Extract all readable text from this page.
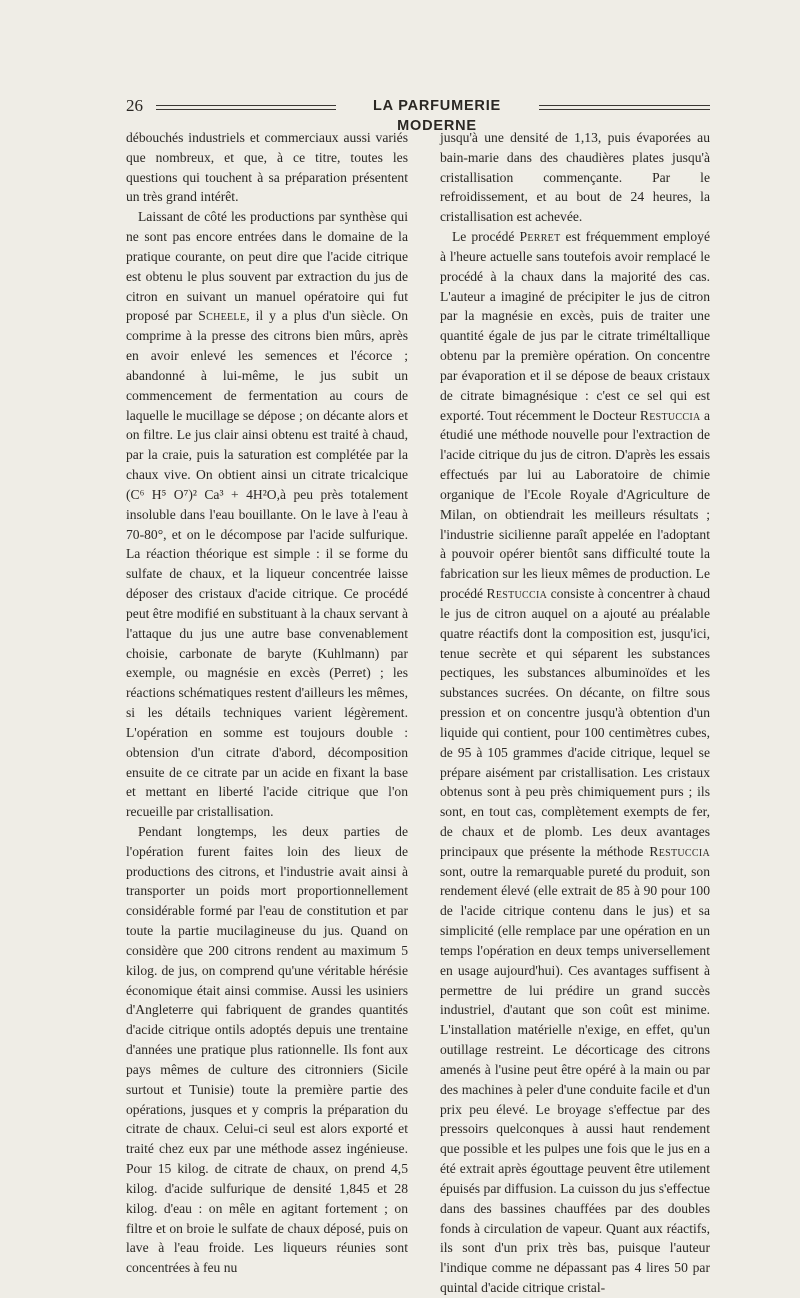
26	LA PARFUMERIE MODERNE

débouchés industriels et commerciaux aussi variés que nombreux, et que, à ce titre, toutes les questions qui touchent à sa préparation présentent un très grand intérêt.

Laissant de côté les productions par synthèse qui ne sont pas encore entrées dans le domaine de la pratique courante, on peut dire que l'acide citrique est obtenu le plus souvent par extraction du jus de citron en suivant un manuel opératoire qui fut proposé par Scheele, il y a plus d'un siècle. On comprime à la presse des citrons bien mûrs, après en avoir enlevé les semences et l'écorce ; abandonné à lui-même, le jus subit un commencement de fermentation au cours de laquelle le mucillage se dépose ; on décante alors et on filtre. Le jus clair ainsi obtenu est traité à chaud, par la craie, puis la saturation est complétée par la chaux vive. On obtient ainsi un citrate tricalcique (C⁶ H⁵ O⁷)² Ca³ + 4H²O,à peu près totalement insoluble dans l'eau bouillante. On le lave à l'eau à 70-80°, et on le décompose par l'acide sulfurique. La réaction théorique est simple : il se forme du sulfate de chaux, et la liqueur concentrée laisse déposer des cristaux d'acide citrique. Ce procédé peut être modifié en substituant à la chaux servant à l'attaque du jus une autre base convenablement choisie, carbonate de baryte (Kuhlmann) par exemple, ou magnésie en excès (Perret) ; les réactions schématiques restent d'ailleurs les mêmes, si les détails techniques varient légèrement. L'opération en somme est toujours double : obtension d'un citrate d'abord, décomposition ensuite de ce citrate par un acide en fixant la base et mettant en liberté l'acide citrique que l'on recueille par cristallisation.

Pendant longtemps, les deux parties de l'opération furent faites loin des lieux de productions des citrons, et l'industrie avait ainsi à transporter un poids mort proportionnellement considérable formé par l'eau de constitution et par toute la partie mucilagineuse du jus. Quand on considère que 200 citrons rendent au maximum 5 kilog. de jus, on comprend qu'une véritable hérésie économique était ainsi commise. Aussi les usiniers d'Angleterre qui fabriquent de grandes quantités d'acide citrique ontils adoptés depuis une trentaine d'années une pratique plus rationnelle. Ils font aux pays mêmes de culture des citronniers (Sicile surtout et Tunisie) toute la première partie des opérations, jusques et y compris la préparation du citrate de chaux. Celui-ci seul est alors exporté et traité chez eux par une méthode assez ingénieuse. Pour 15 kilog. de citrate de chaux, on prend 4,5 kilog. d'acide sulfurique de densité 1,845 et 28 kilog. d'eau : on mêle en agitant fortement ; on filtre et on broie le sulfate de chaux déposé, puis on lave à l'eau froide. Les liqueurs réunies sont concentrées à feu nu

jusqu'à une densité de 1,13, puis évaporées au bain-marie dans des chaudières plates jusqu'à cristallisation commençante. Par le refroidissement, et au bout de 24 heures, la cristallisation est achevée.

Le procédé Perret est fréquemment employé à l'heure actuelle sans toutefois avoir remplacé le procédé à la chaux dans la majorité des cas. L'auteur a imaginé de précipiter le jus de citron par la magnésie en excès, puis de traiter une quantité égale de jus par le citrate triméltallique obtenu par la première opération. On concentre par évaporation et il se dépose de beaux cristaux de citrate bimagnésique : c'est ce sel qui est exporté. Tout récemment le Docteur Restuccia a étudié une méthode nouvelle pour l'extraction de l'acide citrique du jus de citron. D'après les essais effectués par lui au Laboratoire de chimie organique de l'Ecole Royale d'Agriculture de Milan, on obtiendrait les meilleurs résultats ; l'industrie sicilienne paraît appelée en l'adoptant à pouvoir opérer bientôt sans difficulté toute la fabrication sur les lieux mêmes de production. Le procédé Restuccia consiste à concentrer à chaud le jus de citron auquel on a ajouté au préalable quatre réactifs dont la composition est, jusqu'ici, tenue secrète et qui séparent les substances pectiques, les substances albuminoïdes et les substances sucrées. On décante, on filtre sous pression et on concentre jusqu'à obtention d'un liquide qui contient, pour 100 centimètres cubes, de 95 à 105 grammes d'acide citrique, lequel se prépare aisément par cristallisation. Les cristaux obtenus sont à peu près chimiquement purs ; ils sont, en tout cas, complètement exempts de fer, de chaux et de plomb. Les deux avantages principaux que présente la méthode Restuccia sont, outre la remarquable pureté du produit, son rendement élevé (elle extrait de 85 à 90 pour 100 de l'acide citrique contenu dans le jus) et sa simplicité (elle remplace par une opération en un temps l'opération en deux temps universellement en usage aujourd'hui). Ces avantages suffisent à permettre de lui prédire un grand succès industriel, d'autant que son coût est minime. L'installation matérielle n'exige, en effet, qu'un outillage restreint. Le décorticage des citrons amenés à l'usine peut être opéré à la main ou par des machines à peler d'une conduite facile et d'un prix peu élevé. Le broyage s'effectue par des pressoirs quelconques à aussi haut rendement que possible et les pulpes une fois que le jus en a été extrait après égouttage peuvent être utilement épuisés par diffusion. La cuisson du jus s'effectue dans des bassines chauffées par des doubles fonds à circulation de vapeur. Quant aux réactifs, ils sont d'un prix très bas, puisque l'auteur l'indique comme ne dépassant pas 4 lires 50 par quintal d'acide citrique cristal-
